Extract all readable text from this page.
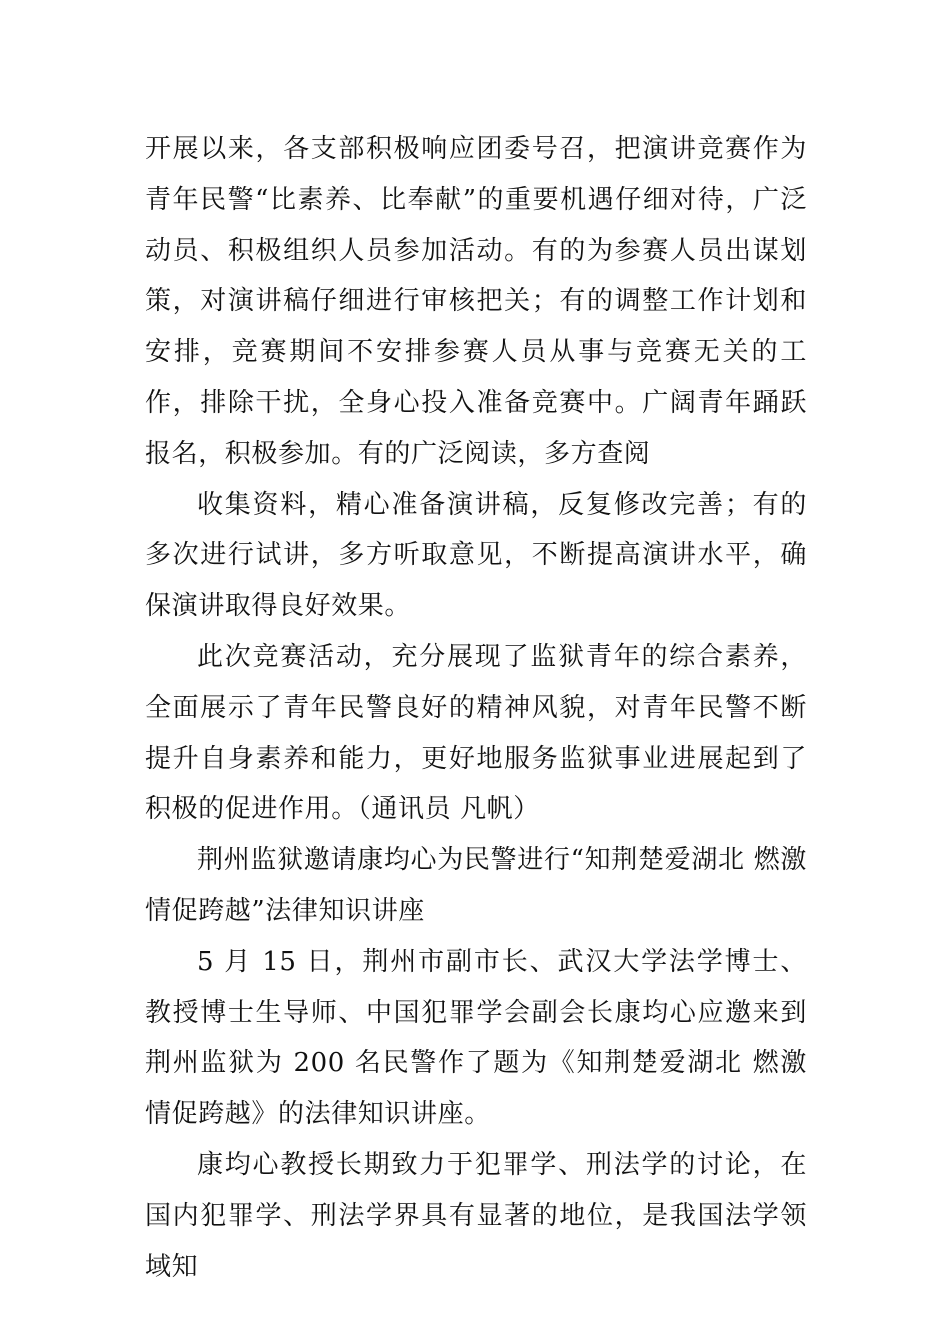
开展以来，各支部积极响应团委号召，把演讲竞赛作为青年民警“比素养、比奉献”的重要机遇仔细对待，广泛动员、积极组织人员参加活动。有的为参赛人员出谋划策，对演讲稿仔细进行审核把关；有的调整工作计划和安排，竞赛期间不安排参赛人员从事与竞赛无关的工作，排除干扰，全身心投入准备竞赛中。广阔青年踊跃报名，积极参加。有的广泛阅读，多方查阅

收集资料，精心准备演讲稿，反复修改完善；有的多次进行试讲，多方听取意见，不断提高演讲水平，确保演讲取得良好效果。

此次竞赛活动，充分展现了监狱青年的综合素养，全面展示了青年民警良好的精神风貌，对青年民警不断提升自身素养和能力，更好地服务监狱事业进展起到了积极的促进作用。（通讯员 凡帆）

荆州监狱邀请康均心为民警进行“知荆楚爱湖北 燃激情促跨越”法律知识讲座

5 月 15 日，荆州市副市长、武汉大学法学博士、教授博士生导师、中国犯罪学会副会长康均心应邀来到荆州监狱为 200 名民警作了题为《知荆楚爱湖北 燃激情促跨越》的法律知识讲座。

康均心教授长期致力于犯罪学、刑法学的讨论，在国内犯罪学、刑法学界具有显著的地位，是我国法学领域知
